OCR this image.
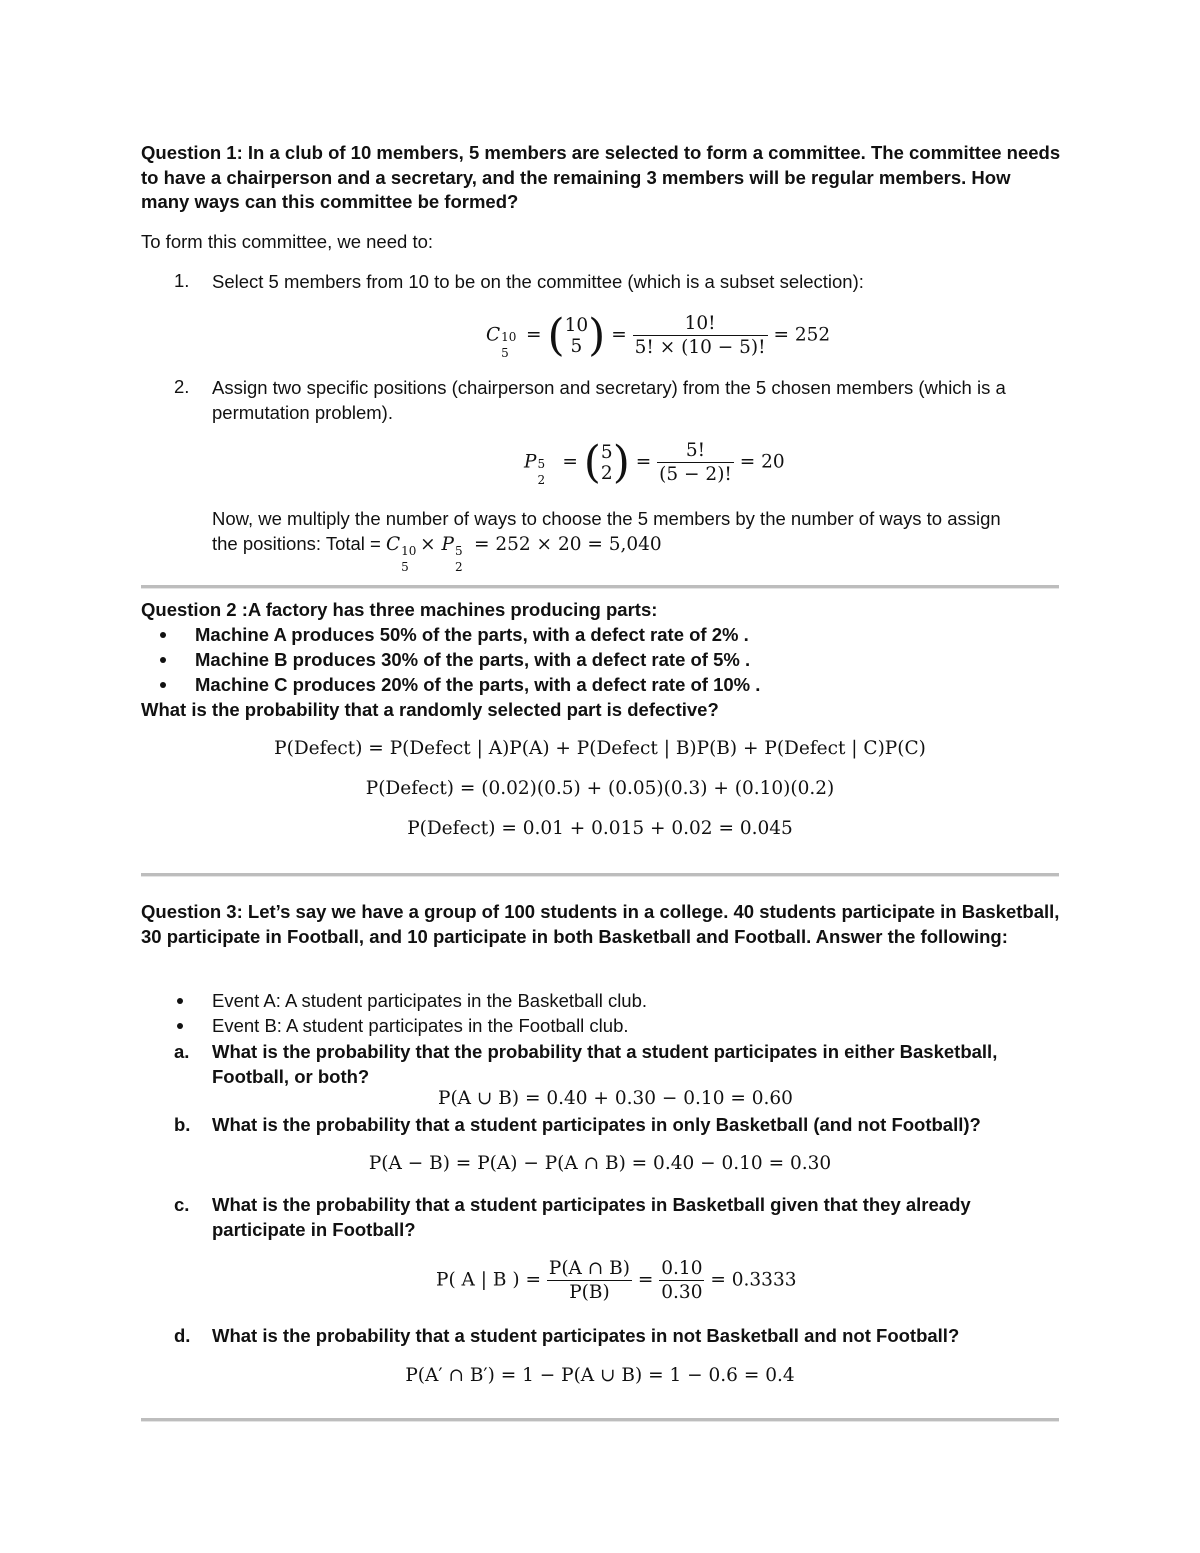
Question 1: In a club of 10 members, 5 members are selected to form a committee. The committee needs to have a chairperson and a secretary, and the remaining 3 members will be regular members. How many ways can this committee be formed?
To form this committee, we need to:
1. Select 5 members from 10 to be on the committee (which is a subset selection):
C 10
5
= (10
5 ) = $\frac{10!}{5! \times (10 - 5)!} = 252$
2. Assign two specific positions (chairperson and secretary) from the 5 chosen members (which is a permutation problem).
P 5
2
= (5
$2) = \frac{5!}{(5 - 2)!} = 20$
Now, we multiply the number of ways to choose the 5 members by the number of ways to assign
the positions: Total = C 10
5
× P 5
2
= 252 × 20 = 5,040
Question 2 :A factory has three machines producing parts:
Machine A produces 50% of the parts, with a defect rate of 2% .
Machine B produces 30% of the parts, with a defect rate of 5% .
Machine C produces 20% of the parts, with a defect rate of 10% .
What is the probability that a randomly selected part is defective?
P(Defect) = P(Defect | A)P(A) + P(Defect | B)P(B) + P(Defect | C)P(C)
P(Defect) = (0.02)(0.5) + (0.05)(0.3) + (0.10)(0.2)
P(Defect) = 0.01 + 0.015 + 0.02 = 0.045
Question 3: Let’s say we have a group of 100 students in a college. 40 students participate in Basketball, 30 participate in Football, and 10 participate in both Basketball and Football. Answer the following:
Event A: A student participates in the Basketball club.
Event B: A student participates in the Football club.
a. What is the probability that the probability that a student participates in either Basketball, Football, or both?
P(A ∪ B) = 0.40 + 0.30 − 0.10 = 0.60
b. What is the probability that a student participates in only Basketball (and not Football)?
P(A − B) = P(A) − P(A ∩ B) = 0.40 − 0.10 = 0.30
c. What is the probability that a student participates in Basketball given that they already participate in Football?
P( A | B ) = $\frac{P(A \cap B)}{P(B)} = \frac{0.10}{0.30} = 0.3333$
d. What is the probability that a student participates in not Basketball and not Football?
P(A′ ∩ B′) = 1 − P(A ∪ B) = 1 − 0.6 = 0.4
